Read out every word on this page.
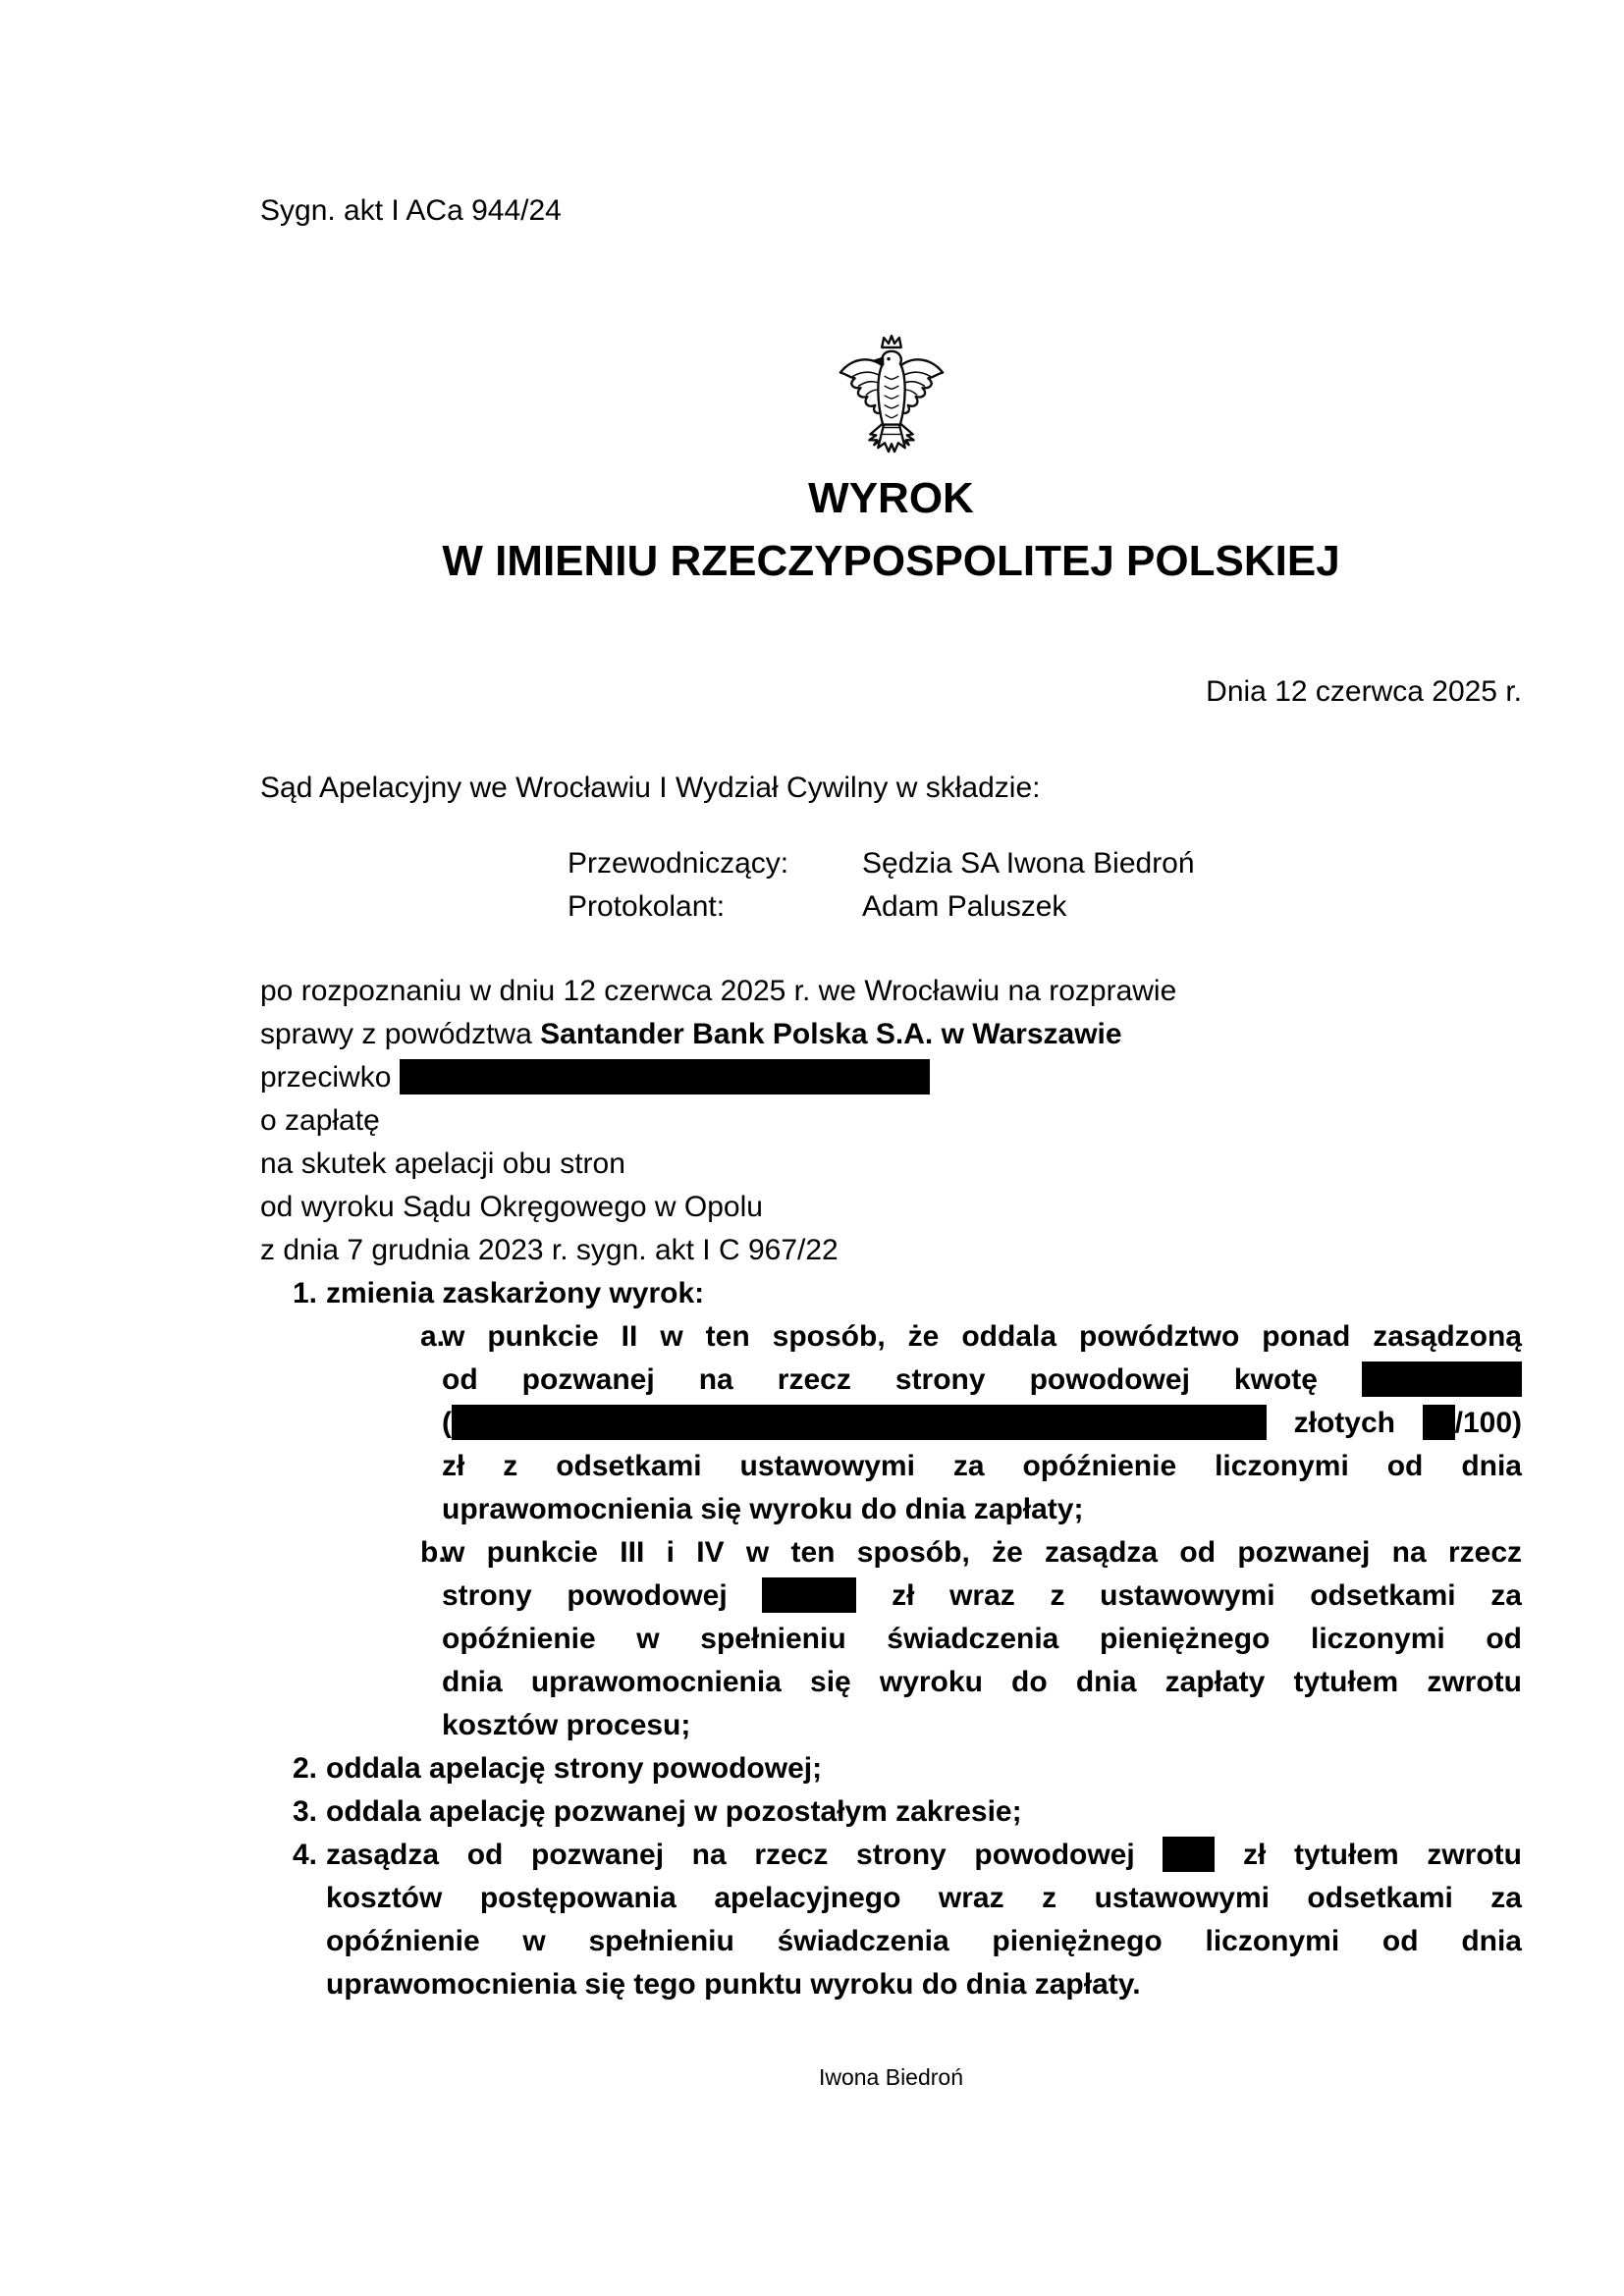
Sygn. akt I ACa 944/24
WYROK
W IMIENIU RZECZYPOSPOLITEJ POLSKIEJ
Dnia 12 czerwca 2025 r.
Sąd Apelacyjny we Wrocławiu I Wydział Cywilny w składzie:
Przewodniczący:	Sędzia SA Iwona Biedroń
Protokolant:	Adam Paluszek
po rozpoznaniu w dniu 12 czerwca 2025 r. we Wrocławiu na rozprawie
sprawy z powództwa Santander Bank Polska S.A. w Warszawie
przeciwko
o zapłatę
na skutek apelacji obu stron
od wyroku Sądu Okręgowego w Opolu
z dnia 7 grudnia 2023 r. sygn. akt I C 967/22
1. zmienia zaskarżony wyrok:
a.
w punkcie II w ten sposób, że oddala powództwo ponad zasądzoną
od pozwanej na rzecz strony powodowej kwotę
(	złotych /100)
zł z odsetkami ustawowymi za opóźnienie liczonymi od dnia
uprawomocnienia się wyroku do dnia zapłaty;
b.
w punkcie III i IV w ten sposób, że zasądza od pozwanej na rzecz
strony powodowej	zł wraz z ustawowymi odsetkami za
opóźnienie w spełnieniu świadczenia pieniężnego liczonymi od
dnia uprawomocnienia się wyroku do dnia zapłaty tytułem zwrotu
kosztów procesu;
2. oddala apelację strony powodowej;
3. oddala apelację pozwanej w pozostałym zakresie;
4. zasądza od pozwanej na rzecz strony powodowej	zł tytułem zwrotu
kosztów postępowania apelacyjnego wraz z ustawowymi odsetkami za
opóźnienie w spełnieniu świadczenia pieniężnego liczonymi od dnia
uprawomocnienia się tego punktu wyroku do dnia zapłaty.
Iwona Biedroń
